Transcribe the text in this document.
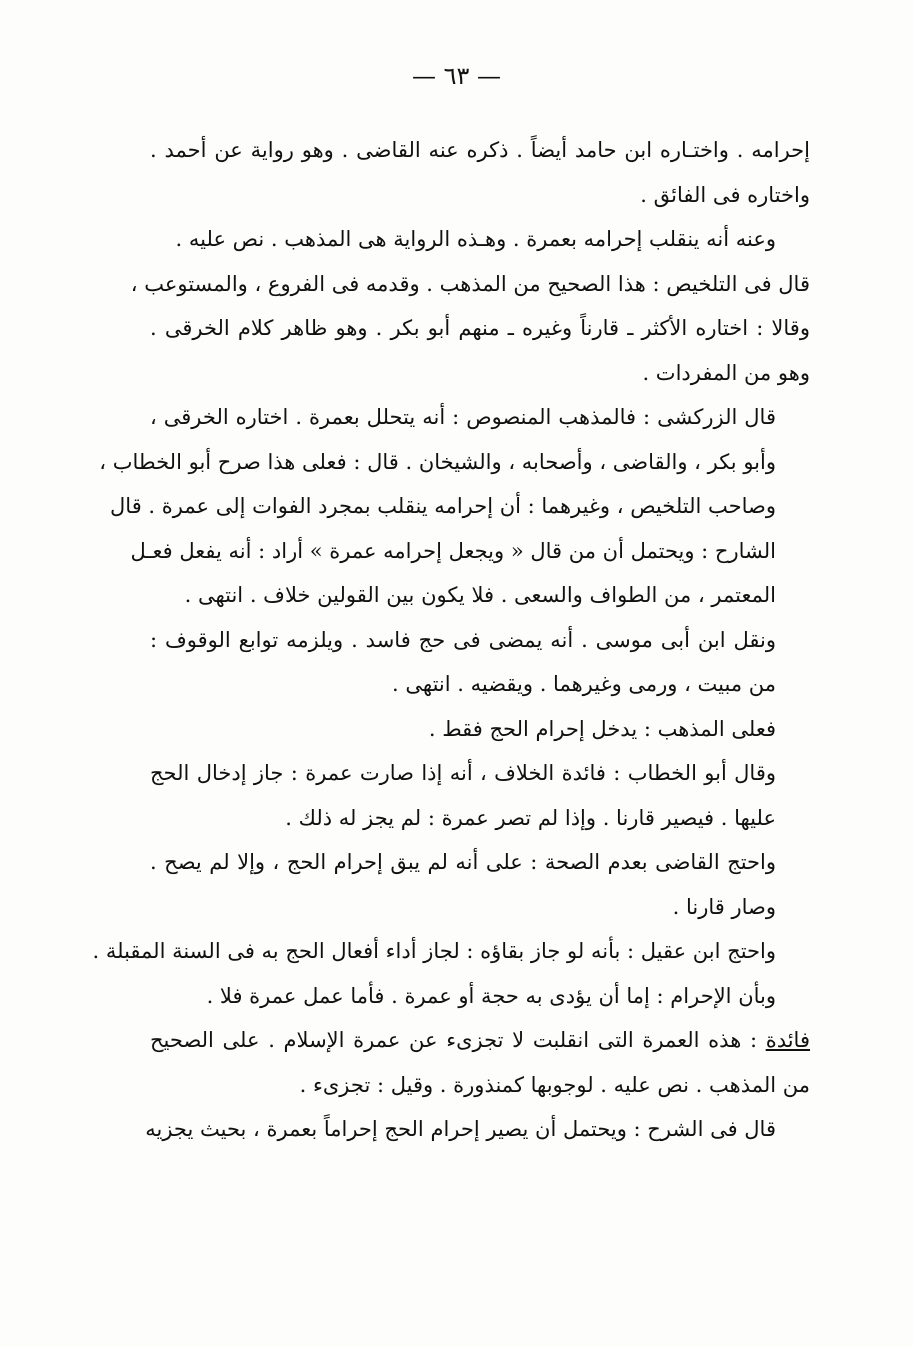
— ٦٣ —

إحرامه . واختـاره ابن حامد أيضاً . ذكره عنه القاضى . وهو رواية عن أحمد .
واختاره فى الفائق .

وعنه أنه ينقلب إحرامه بعمرة . وهـذه الرواية هى المذهب . نص عليه .

قال فى التلخيص : هذا الصحيح من المذهب . وقدمه فى الفروع ، والمستوعب ،
وقالا : اختاره الأكثر ـ قارناً وغيره ـ منهم أبو بكر . وهو ظاهر كلام الخرقى .
وهو من المفردات .

قال الزركشى : فالمذهب المنصوص : أنه يتحلل بعمرة . اختاره الخرقى ،
وأبو بكر ، والقاضى ، وأصحابه ، والشيخان . قال : فعلى هذا صرح أبو الخطاب ،
وصاحب التلخيص ، وغيرهما : أن إحرامه ينقلب بمجرد الفوات إلى عمرة . قال
الشارح : ويحتمل أن من قال « ويجعل إحرامه عمرة » أراد : أنه يفعل فعـل
المعتمر ، من الطواف والسعى . فلا يكون بين القولين خلاف . انتهى .

ونقل ابن أبى موسى . أنه يمضى فى حج فاسد . ويلزمه توابع الوقوف :
من مبيت ، ورمى وغيرهما . ويقضيه . انتهى .

فعلى المذهب : يدخل إحرام الحج فقط .

وقال أبو الخطاب : فائدة الخلاف ، أنه إذا صارت عمرة : جاز إدخال الحج
عليها . فيصير قارنا . وإذا لم تصر عمرة : لم يجز له ذلك .

واحتج القاضى بعدم الصحة : على أنه لم يبق إحرام الحج ، وإلا لم يصح .
وصار قارنا .

واحتج ابن عقيل : بأنه لو جاز بقاؤه : لجاز أداء أفعال الحج به فى السنة المقبلة .
وبأن الإحرام : إما أن يؤدى به حجة أو عمرة . فأما عمل عمرة فلا .

فائدة : هذه العمرة التى انقلبت لا تجزىء عن عمرة الإسلام . على الصحيح
من المذهب . نص عليه . لوجوبها كمنذورة . وقيل : تجزىء .

قال فى الشرح : ويحتمل أن يصير إحرام الحج إحراماً بعمرة ، بحيث يجزيه
